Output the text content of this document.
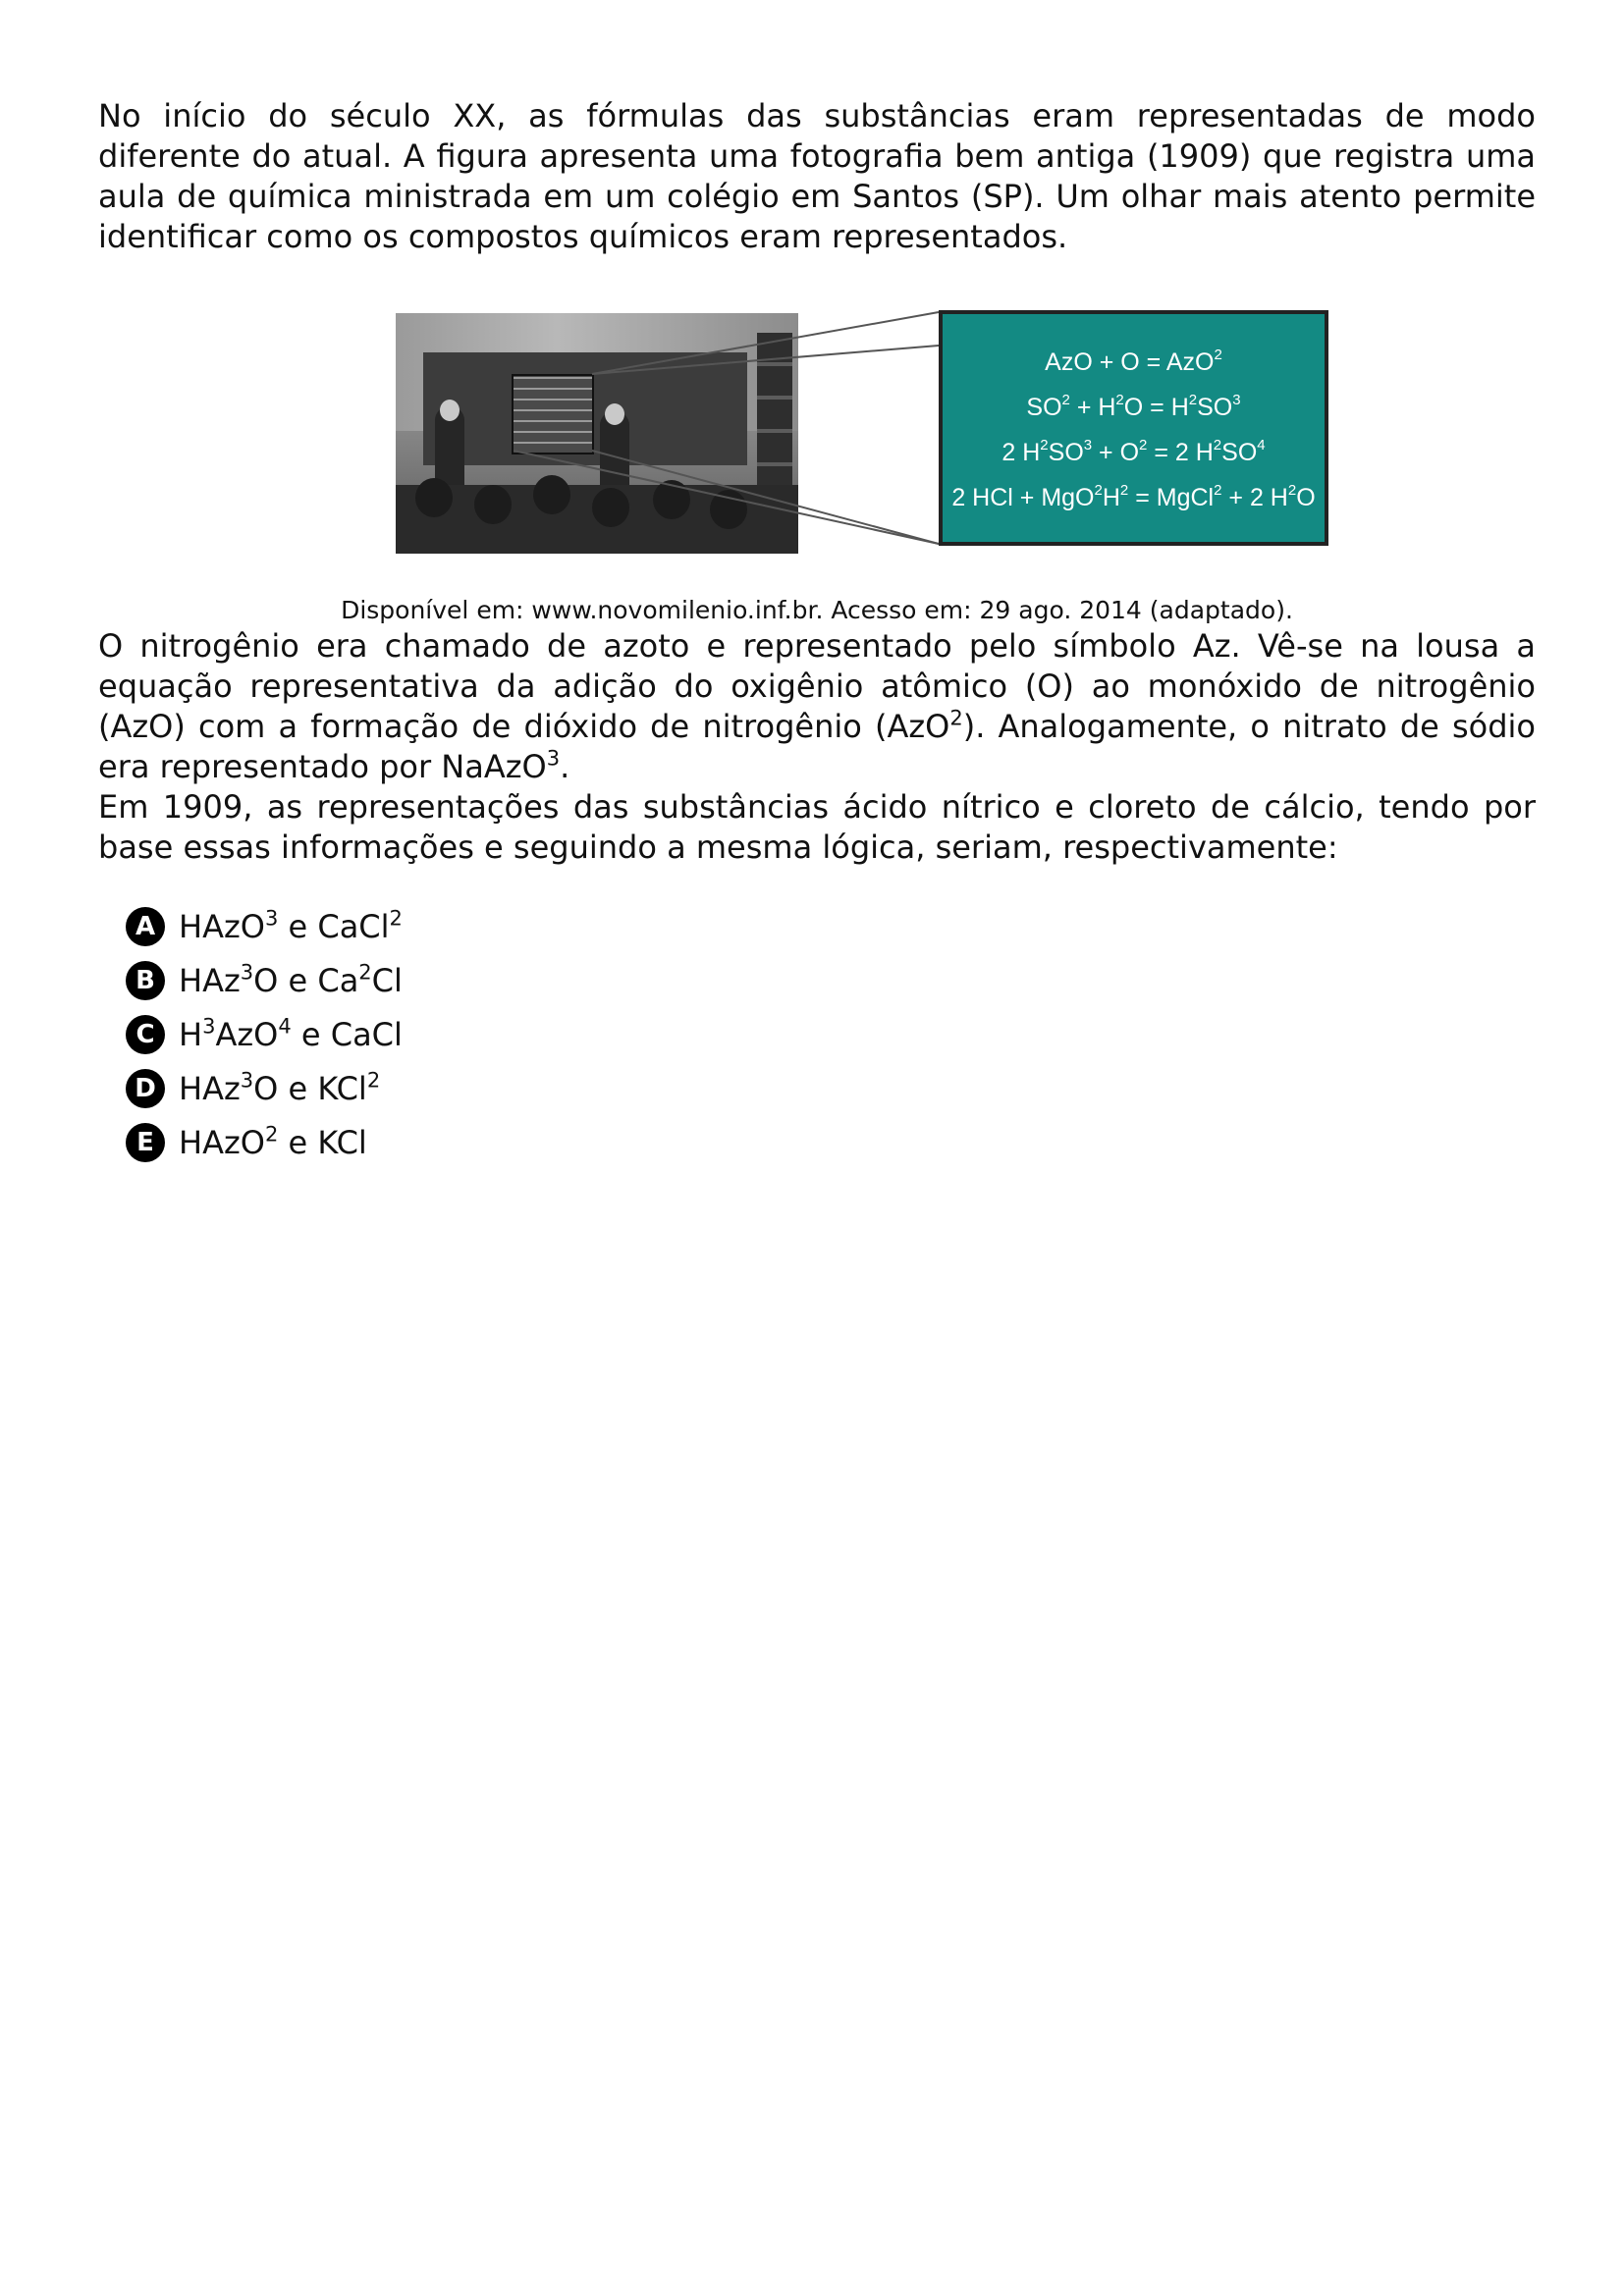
No início do século XX, as fórmulas das substâncias eram representadas de modo diferente do atual. A figura apresenta uma fotografia bem antiga (1909) que registra uma aula de química ministrada em um colégio em Santos (SP). Um olhar mais atento permite identificar como os compostos químicos eram representados.

AzO + O = AzO$^2$
$SO^2 + H^2O = H^2SO^3$
2 $H^2SO^3 + O^2 = 2$ $H^2SO^4$
2 HCl + $MgO^2H^2$ = MgCl$^2$ + 2 $H^2O$

Disponível em: www.novomilenio.inf.br. Acesso em: 29 ago. 2014 (adaptado).

O nitrogênio era chamado de azoto e representado pelo símbolo Az. Vê-se na lousa a equação representativa da adição do oxigênio atômico (O) ao monóxido de nitrogênio (AzO) com a formação de dióxido de nitrogênio (AzO$^2$). Analogamente, o nitrato de sódio era representado por NaAzO$^3$.

Em 1909, as representações das substâncias ácido nítrico e cloreto de cálcio, tendo por base essas informações e seguindo a mesma lógica, seriam, respectivamente:

A HAzO$^3$ e CaCl$^2$
B HAz$^3$O e Ca$^2$Cl
C $H^3AzO^4$ e CaCl
D HAz$^3$O e KCl$^2$
E HAzO$^2$ e KCl
